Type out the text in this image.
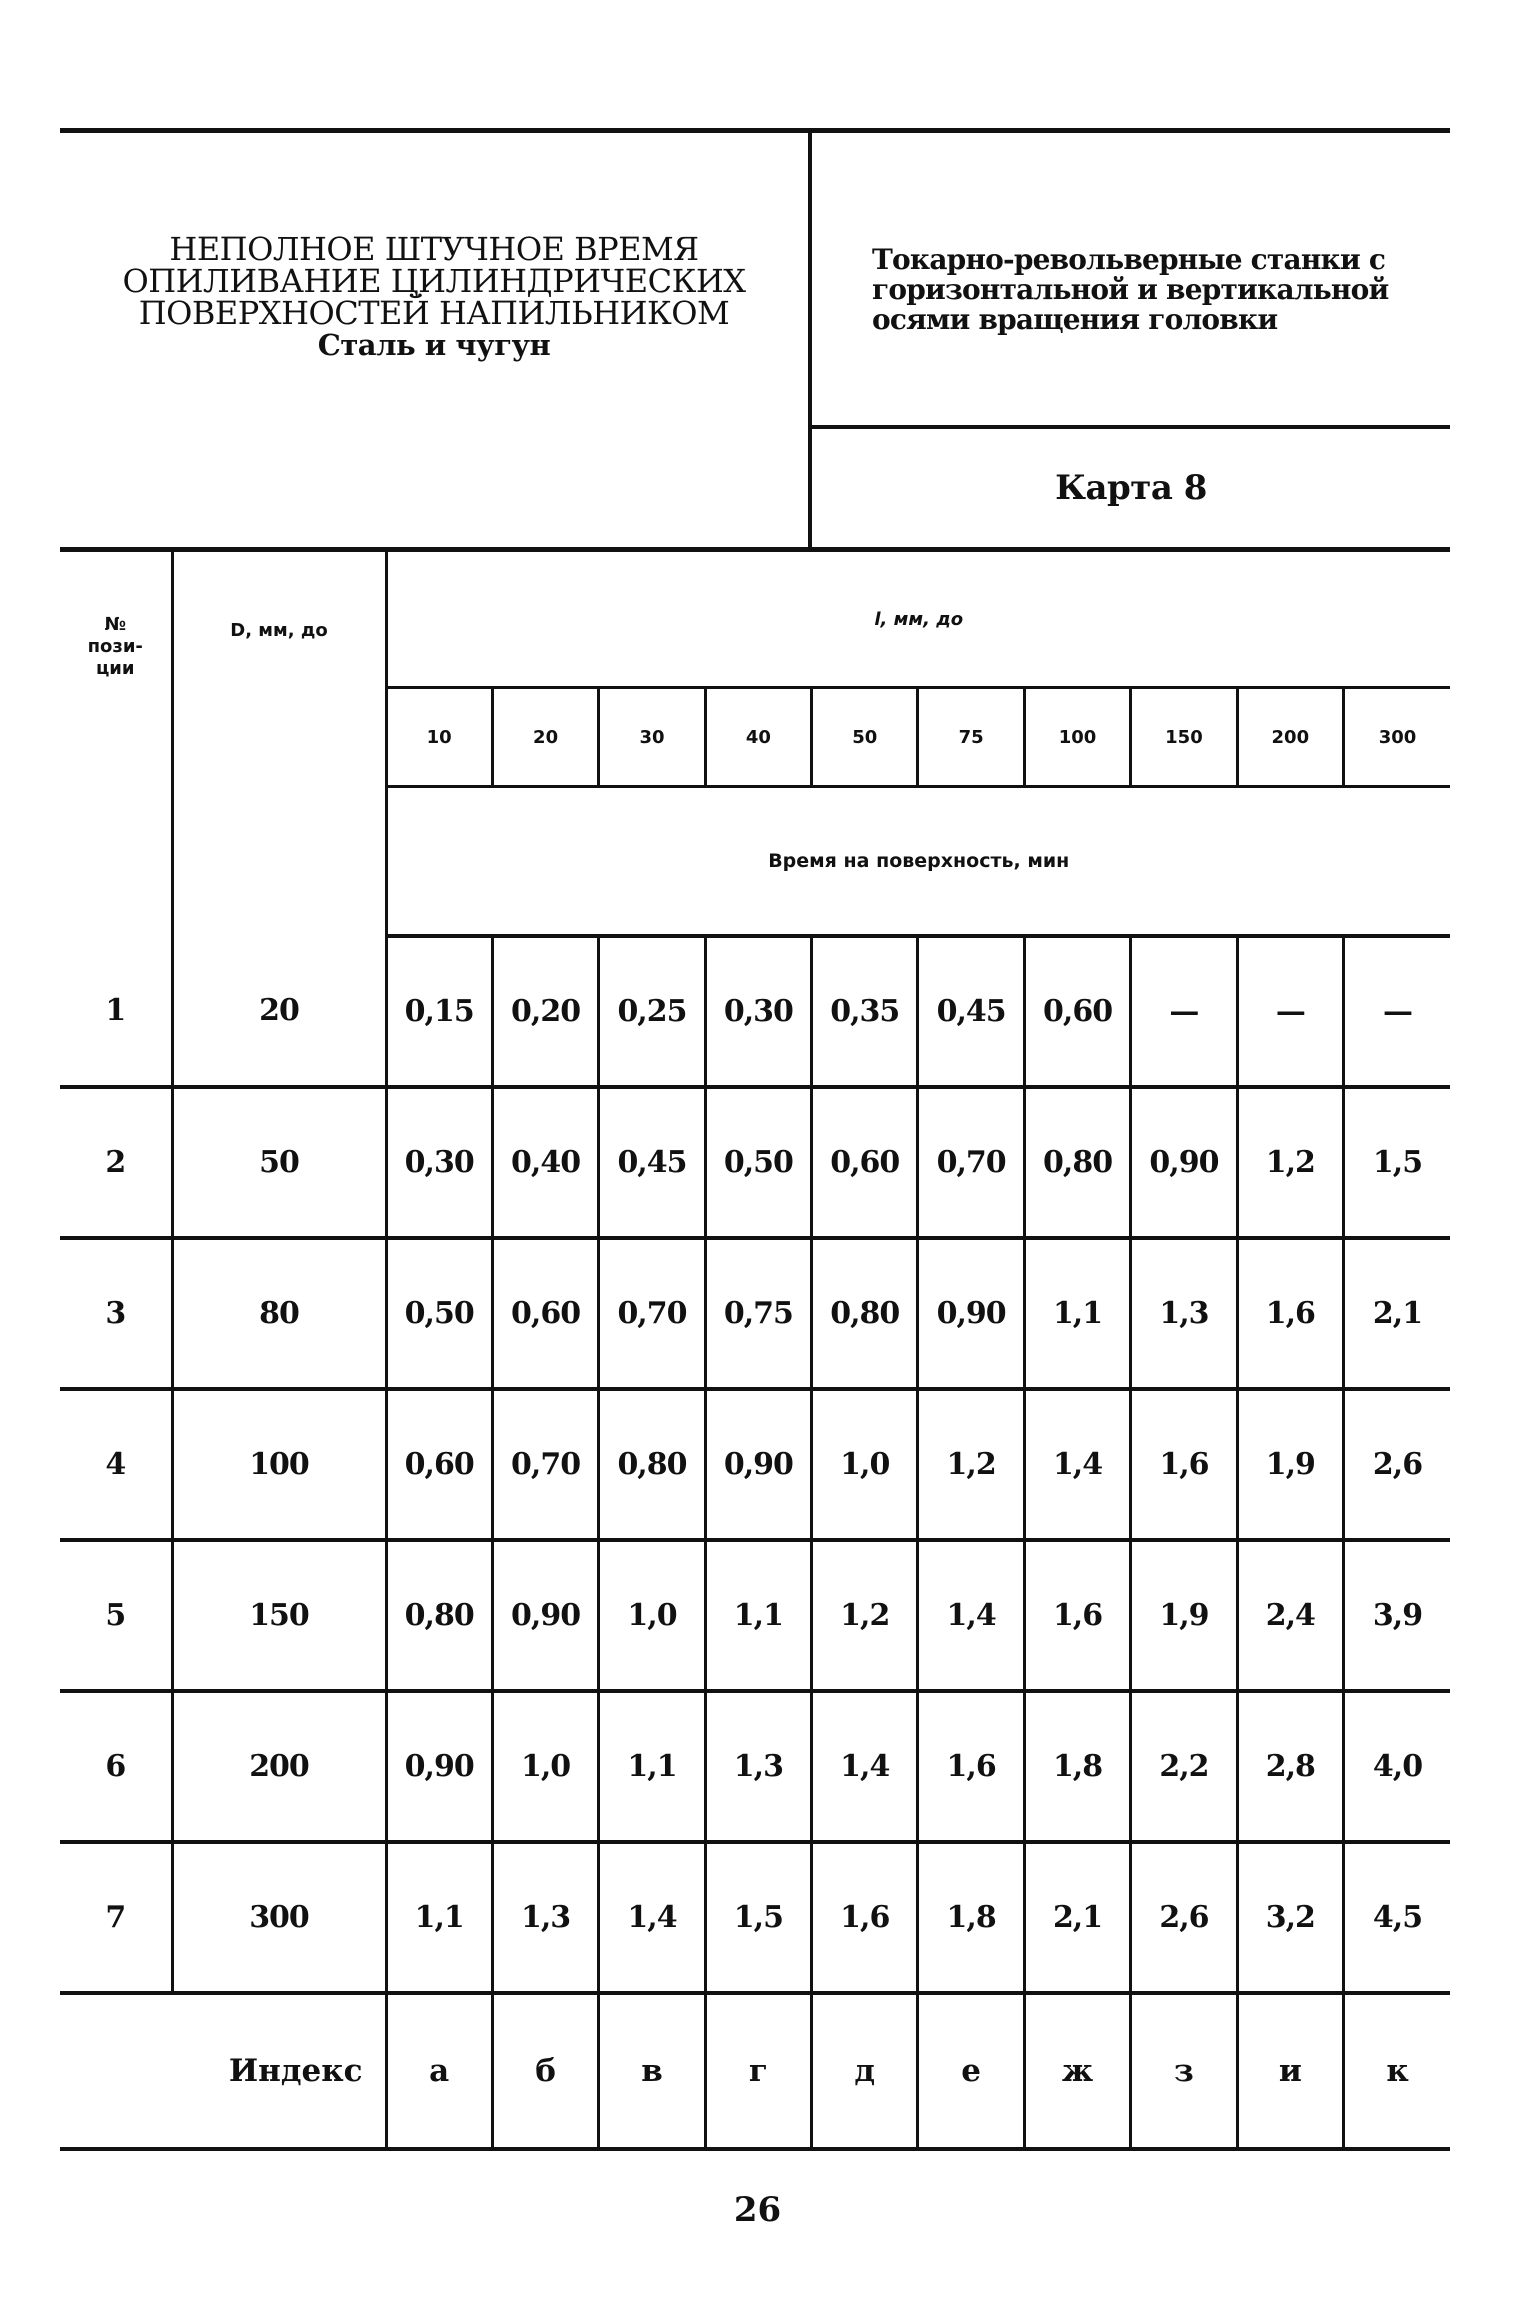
НЕПОЛНОЕ ШТУЧНОЕ ВРЕМЯ
ОПИЛИВАНИЕ ЦИЛИНДРИЧЕСКИХ
ПОВЕРХНОСТЕЙ НАПИЛЬНИКОМ
Сталь и чугун
Токарно-револьверные станки с
горизонтальной и вертикальной
осями вращения головки
Карта 8
№
пози-
ции	D, мм, до	l, мм, до									
		10	20	30	40	50	75	100	150	200	300
		Время на поверхность, мин									
1	20	0,15	0,20	0,25	0,30	0,35	0,45	0,60	—	—	—
2	50	0,30	0,40	0,45	0,50	0,60	0,70	0,80	0,90	1,2	1,5
3	80	0,50	0,60	0,70	0,75	0,80	0,90	1,1	1,3	1,6	2,1
4	100	0,60	0,70	0,80	0,90	1,0	1,2	1,4	1,6	1,9	2,6
5	150	0,80	0,90	1,0	1,1	1,2	1,4	1,6	1,9	2,4	3,9
6	200	0,90	1,0	1,1	1,3	1,4	1,6	1,8	2,2	2,8	4,0
7	300	1,1	1,3	1,4	1,5	1,6	1,8	2,1	2,6	3,2	4,5
Индекс		а	б	в	г	д	е	ж	з	и	к
26
